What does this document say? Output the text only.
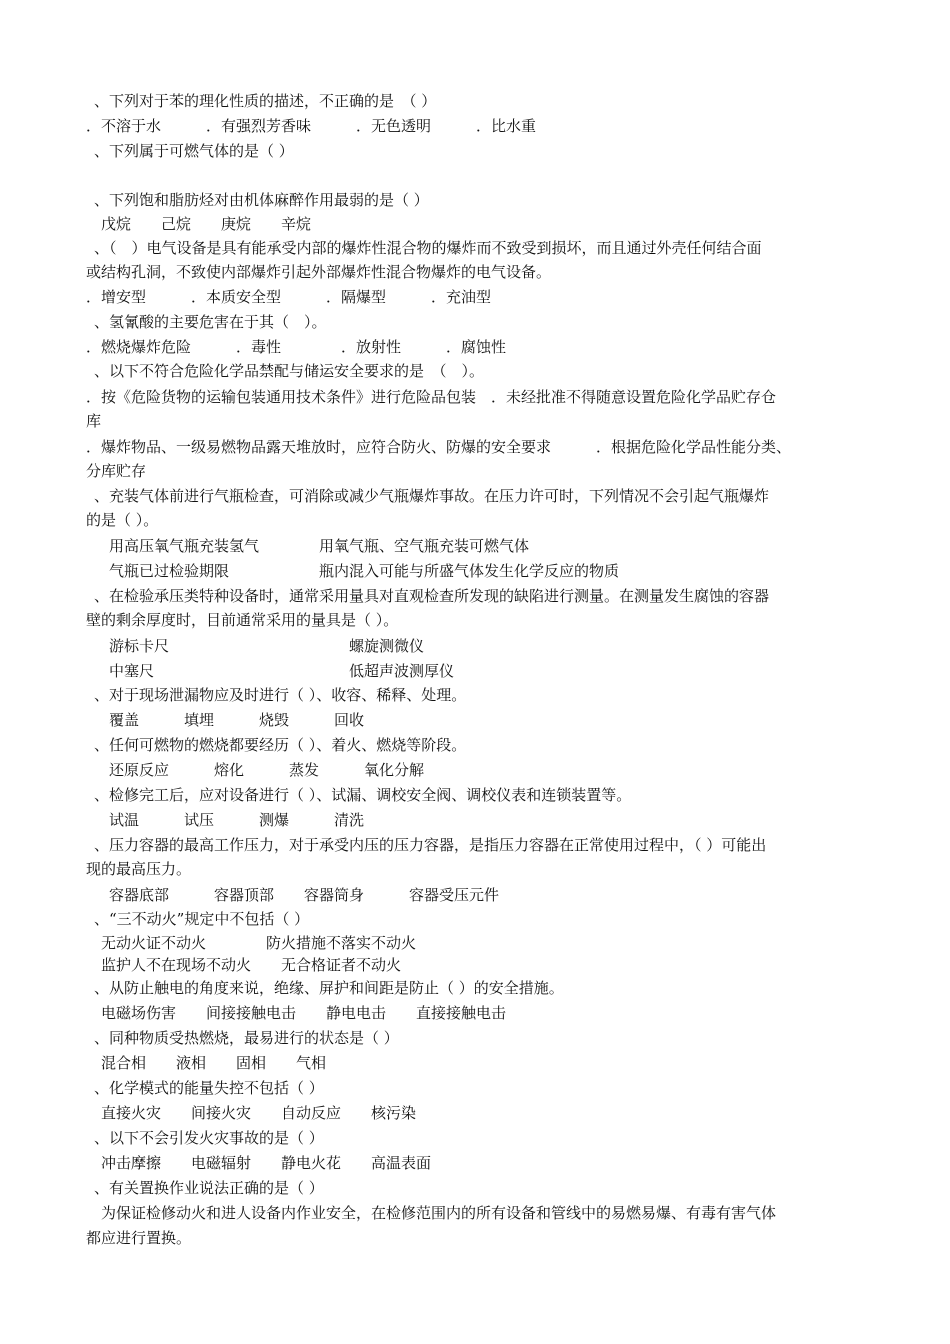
、下列对于苯的理化性质的描述，不正确的是　（ ）
．不溶于水　　　．有强烈芳香味　　　．无色透明　　　．比水重
、下列属于可燃气体的是（ ）
、下列饱和脂肪烃对由机体麻醉作用最弱的是（ ）
戊烷　　己烷　　庚烷　　辛烷
、（　）电气设备是具有能承受内部的爆炸性混合物的爆炸而不致受到损坏，而且通过外壳任何结合面
或结构孔洞，不致使内部爆炸引起外部爆炸性混合物爆炸的电气设备。
．增安型　　　．本质安全型　　　．隔爆型　　　．充油型
、氢氰酸的主要危害在于其（　）。
．燃烧爆炸危险　　　．毒性　　　　．放射性　　　．腐蚀性
、以下不符合危险化学品禁配与储运安全要求的是　（　）。
．按《危险货物的运输包装通用技术条件》进行危险品包装　．未经批准不得随意设置危险化学品贮存仓
库
．爆炸物品、一级易燃物品露天堆放时，应符合防火、防爆的安全要求　　　．根据危险化学品性能分类、
分库贮存
、充装气体前进行气瓶检查，可消除或减少气瓶爆炸事故。在压力许可时，下列情况不会引起气瓶爆炸
的是（ ）。
用高压氧气瓶充装氢气　　　　用氧气瓶、空气瓶充装可燃气体
气瓶已过检验期限　　　　　　瓶内混入可能与所盛气体发生化学反应的物质
、在检验承压类特种设备时，通常采用量具对直观检查所发现的缺陷进行测量。在测量发生腐蚀的容器
壁的剩余厚度时，目前通常采用的量具是（ ）。
游标卡尺　　　　　　　　　　　　螺旋测微仪
中塞尺　　　　　　　　　　　　　低超声波测厚仪
、对于现场泄漏物应及时进行（ ）、收容、稀释、处理。
覆盖　　　填埋　　　烧毁　　　回收
、任何可燃物的燃烧都要经历（ ）、着火、燃烧等阶段。
还原反应　　　熔化　　　蒸发　　　氧化分解
、检修完工后，应对设备进行（ ）、试漏、调校安全阀、调校仪表和连锁装置等。
试温　　　试压　　　测爆　　　清洗
、压力容器的最高工作压力，对于承受内压的压力容器，是指压力容器在正常使用过程中，（ ）可能出
现的最高压力。
容器底部　　　容器顶部　　容器筒身　　　容器受压元件
、“三不动火”规定中不包括（ ）
无动火证不动火　　　　防火措施不落实不动火
监护人不在现场不动火　　无合格证者不动火
、从防止触电的角度来说，绝缘、屏护和间距是防止（ ）的安全措施。
电磁场伤害　　间接接触电击　　静电电击　　直接接触电击
、同种物质受热燃烧，最易进行的状态是（ ）
混合相　　液相　　固相　　气相
、化学模式的能量失控不包括（ ）
直接火灾　　间接火灾　　自动反应　　核污染
、以下不会引发火灾事故的是（ ）
冲击摩擦　　电磁辐射　　静电火花　　高温表面
、有关置换作业说法正确的是（ ）
为保证检修动火和进人设备内作业安全，在检修范围内的所有设备和管线中的易燃易爆、有毒有害气体
都应进行置换。
